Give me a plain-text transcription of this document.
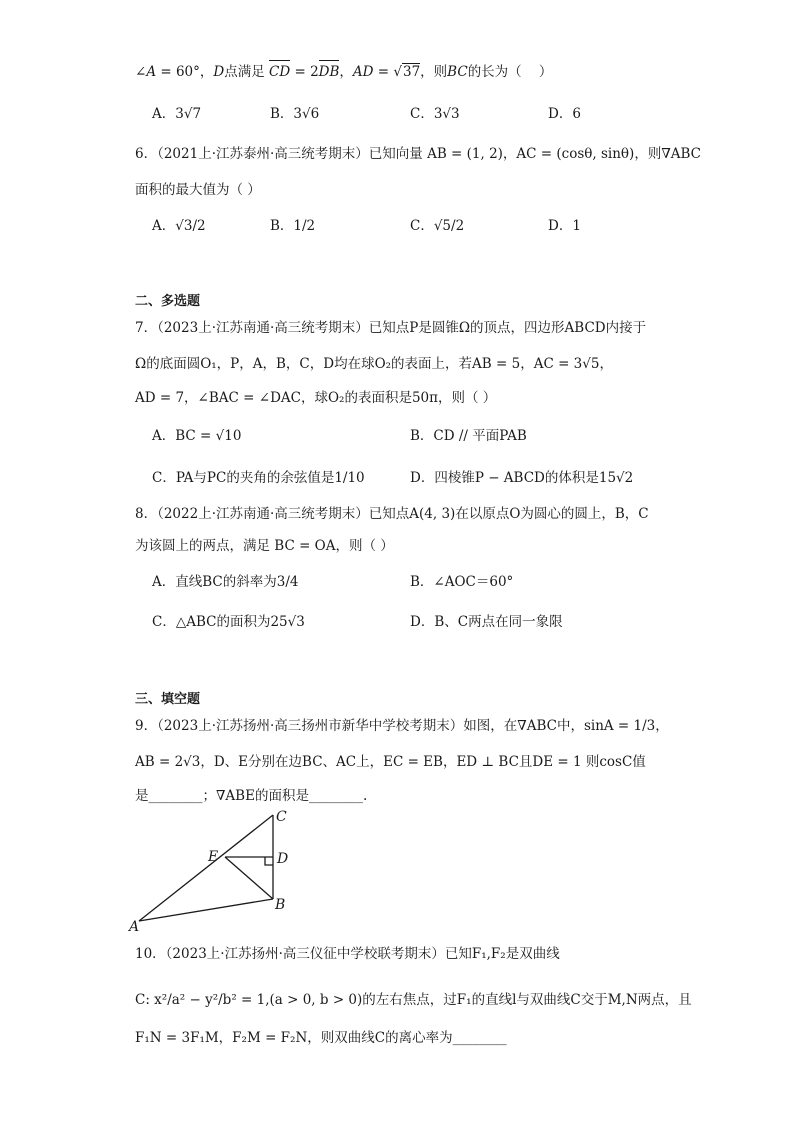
∠A = 60°，D点满足 CD = 2DB，AD = √37，则BC的长为（    ）
A．3√7	B．3√6	C．3√3	D．6
6．（2021上·江苏泰州·高三统考期末）已知向量 AB = (1, 2)，AC = (cosθ, sinθ)，则∇ABC
面积的最大值为（ ）
A．√3/2	B．1/2	C．√5/2	D．1
二、多选题
7．（2023上·江苏南通·高三统考期末）已知点P是圆锥Ω的顶点，四边形ABCD内接于
Ω的底面圆O₁，P，A，B，C，D均在球O₂的表面上，若AB = 5，AC = 3√5，
AD = 7，∠BAC = ∠DAC，球O₂的表面积是50π，则（ ）
A．BC = √10	B．CD // 平面PAB
C．PA与PC的夹角的余弦值是1/10	D．四棱锥P − ABCD的体积是15√2
8．（2022上·江苏南通·高三统考期末）已知点A(4, 3)在以原点O为圆心的圆上，B，C
为该圆上的两点，满足 BC = OA，则（ ）
A．直线BC的斜率为3/4	B．∠AOC＝60°
C．△ABC的面积为25√3	D．B、C两点在同一象限
三、填空题
9．（2023上·江苏扬州·高三扬州市新华中学校考期末）如图，在∇ABC中，sinA = 1/3，
AB = 2√3，D、E分别在边BC、AC上，EC = EB，ED ⊥ BC且DE = 1 则cosC值
是________；∇ABE的面积是________.
C
E	D
B
A
10．（2023上·江苏扬州·高三仪征中学校联考期末）已知F₁,F₂是双曲线
C: x²/a² − y²/b² = 1,(a > 0, b > 0)的左右焦点，过F₁的直线l与双曲线C交于M,N两点，且
F₁N = 3F₁M，F₂M = F₂N，则双曲线C的离心率为________
